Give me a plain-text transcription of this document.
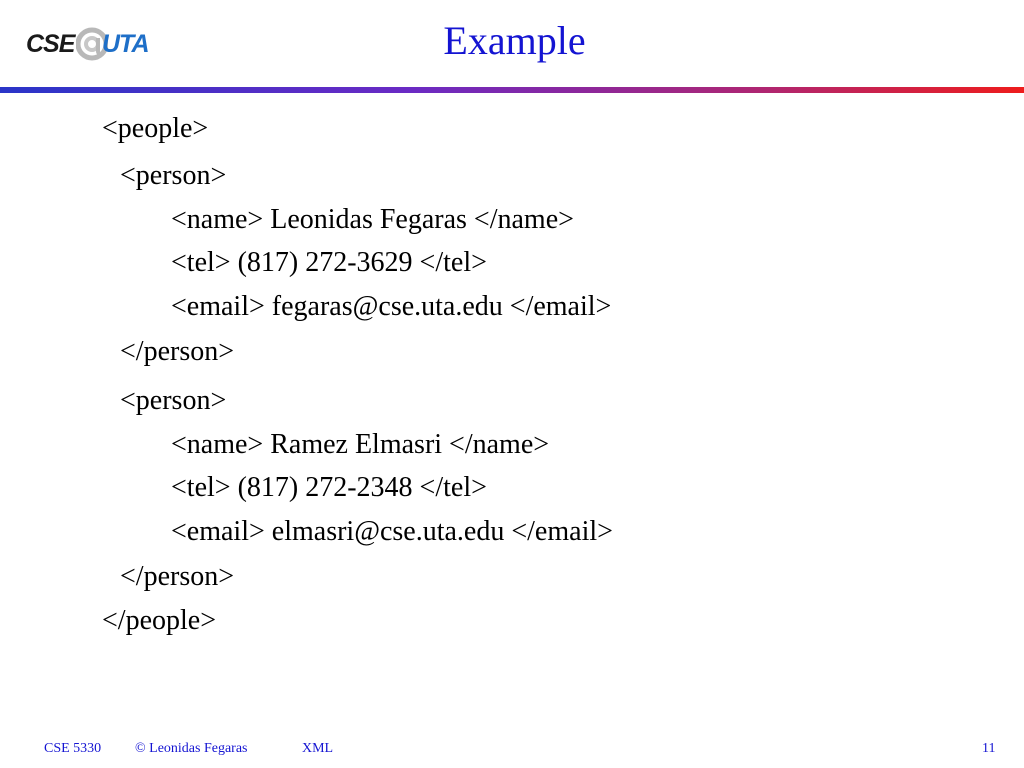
CSE UTA	Example
<people>
<person>
<name> Leonidas Fegaras </name>
<tel> (817) 272-3629 </tel>
<email> fegaras@cse.uta.edu </email>
</person>
<person>
<name> Ramez Elmasri </name>
<tel> (817) 272-2348 </tel>
<email> elmasri@cse.uta.edu </email>
</person>
</people>
CSE 5330 © Leonidas Fegaras	XML	11
